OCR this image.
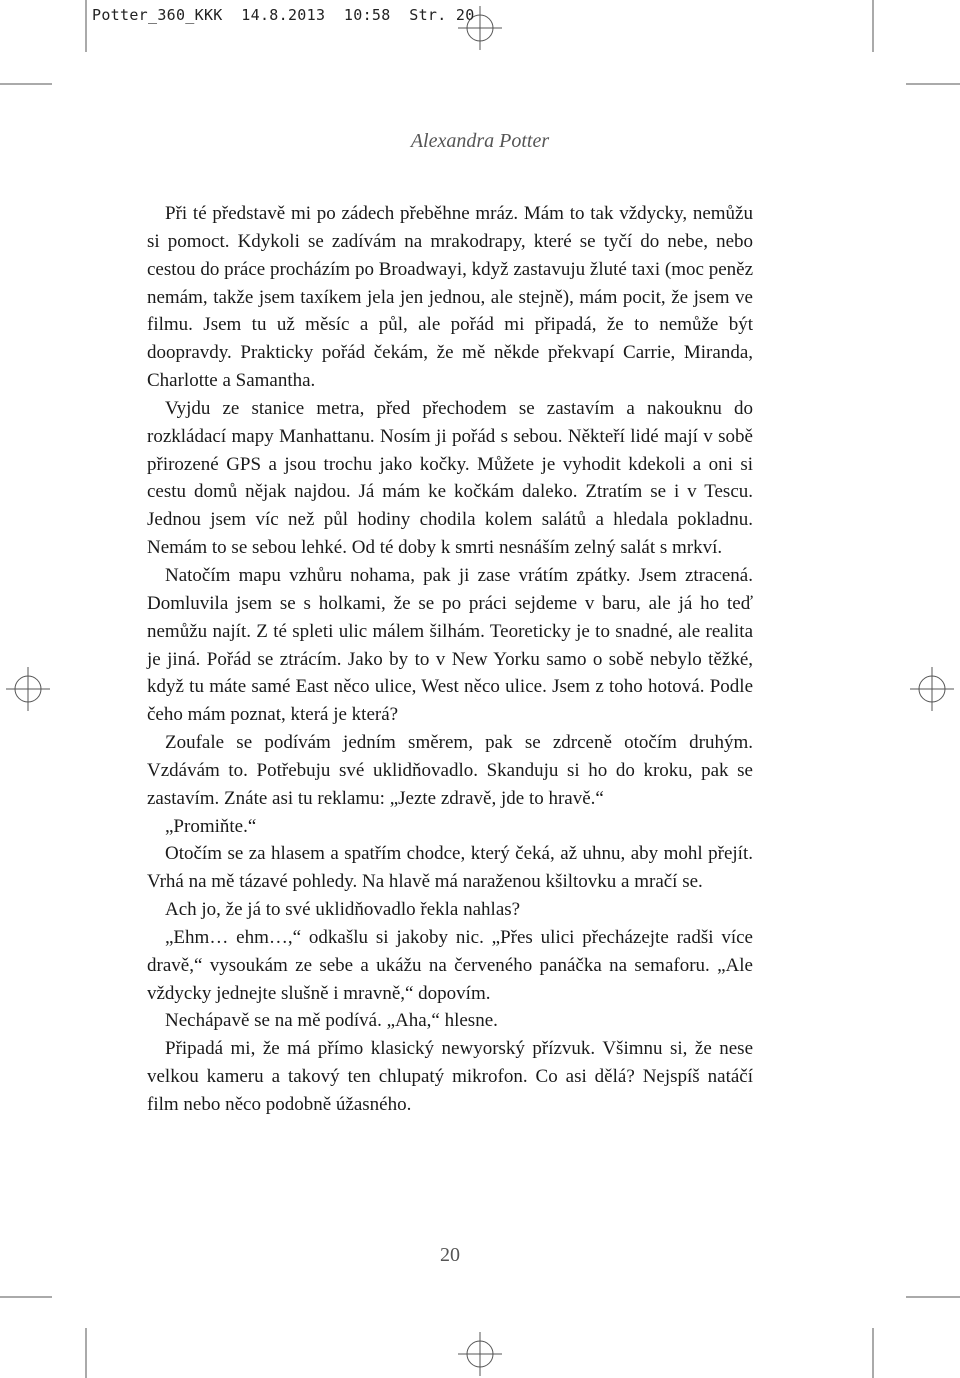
Potter_360_KKK  14.8.2013  10:58  Str. 20
Alexandra Potter

Při té představě mi po zádech přeběhne mráz. Mám to tak vždycky, nemůžu si pomoct. Kdykoli se zadívám na mrakodrapy, které se tyčí do nebe, nebo cestou do práce procházím po Broadwayi, když zastavuju žluté taxi (moc peněz nemám, takže jsem taxíkem jela jen jednou, ale stejně), mám pocit, že jsem ve filmu. Jsem tu už měsíc a půl, ale pořád mi připadá, že to nemůže být doopravdy. Prakticky pořád čekám, že mě někde překvapí Carrie, Miranda, Charlotte a Samantha.

Vyjdu ze stanice metra, před přechodem se zastavím a nakouknu do rozkládací mapy Manhattanu. Nosím ji pořád s sebou. Někteří lidé mají v sobě přirozené GPS a jsou trochu jako kočky. Můžete je vyhodit kdekoli a oni si cestu domů nějak najdou. Já mám ke kočkám daleko. Ztratím se i v Tescu. Jednou jsem víc než půl hodiny chodila kolem salátů a hledala pokladnu. Nemám to se sebou lehké. Od té doby k smrti nesnáším zelný salát s mrkví.

Natočím mapu vzhůru nohama, pak ji zase vrátím zpátky. Jsem ztracená. Domluvila jsem se s holkami, že se po práci sejdeme v baru, ale já ho teď nemůžu najít. Z té spleti ulic málem šilhám. Teoreticky je to snadné, ale realita je jiná. Pořád se ztrácím. Jako by to v New Yorku samo o sobě nebylo těžké, když tu máte samé East něco ulice, West něco ulice. Jsem z toho hotová. Podle čeho mám poznat, která je která?

Zoufale se podívám jedním směrem, pak se zdrceně otočím druhým. Vzdávám to. Potřebuju své uklidňovadlo. Skanduju si ho do kroku, pak se zastavím. Znáte asi tu reklamu: „Jezte zdravě, jde to hravě.“

„Promiňte.“

Otočím se za hlasem a spatřím chodce, který čeká, až uhnu, aby mohl přejít. Vrhá na mě tázavé pohledy. Na hlavě má naraženou kšiltovku a mračí se.

Ach jo, že já to své uklidňovadlo řekla nahlas?

„Ehm… ehm…,“ odkašlu si jakoby nic. „Přes ulici přecházejte radši více dravě,“ vysoukám ze sebe a ukážu na červeného panáčka na semaforu. „Ale vždycky jednejte slušně i mravně,“ dopovím.

Nechápavě se na mě podívá. „Aha,“ hlesne.

Připadá mi, že má přímo klasický newyorský přízvuk. Všimnu si, že nese velkou kameru a takový ten chlupatý mikrofon. Co asi dělá? Nejspíš natáčí film nebo něco podobně úžasného.

20
